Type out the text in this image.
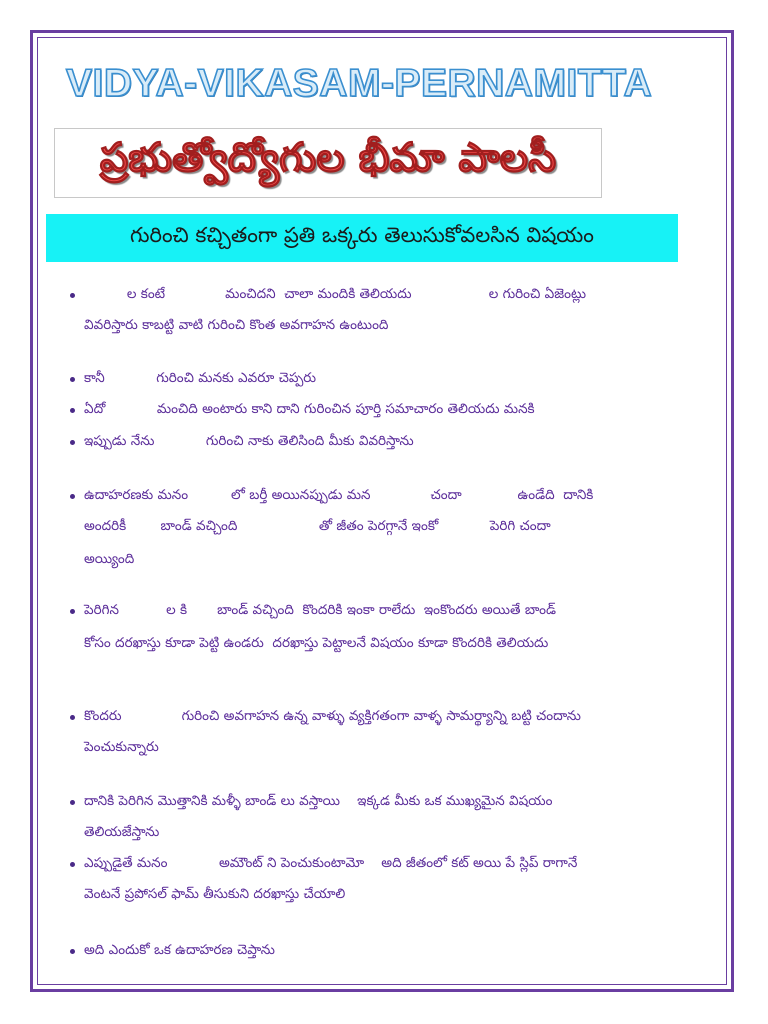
VIDYA-VIKASAM-PERNAMITTA
ప్రభుత్వోద్యోగుల భీమా పాలసీ
గురించి కచ్చితంగా ప్రతి ఒక్కరు తెలుసుకోవలసిన విషయం
ల కంటే              మంచిదని  చాలా మందికి తెలియదు                  ల గురించి ఏజెంట్లు
వివరిస్తారు కాబట్టి వాటి గురించి కొంత అవగాహన ఉంటుంది
కానీ            గురించి మనకు ఎవరూ చెప్పరు
ఏదో            మంచిది అంటారు కాని దాని గురించిన పూర్తి సమాచారం తెలియదు మనకి
ఇప్పుడు నేను            గురించి నాకు తెలిసింది మీకు వివరిస్తాను
ఉదాహరణకు మనం          లో బర్తీ అయినప్పుడు మన              చందా             ఉండేది  దానికి
అందరికీ        బాండ్ వచ్చింది                   తో జీతం పెరగ్గానే ఇంకో            పెరిగి చందా
అయ్యింది
పెరిగిన           ల కి       బాండ్ వచ్చింది  కొందరికి ఇంకా రాలేదు  ఇంకొందరు అయితే బాండ్
కోసం దరఖాస్తు కూడా పెట్టి ఉండరు  దరఖాస్తు పెట్టాలనే విషయం కూడా కొందరికి తెలియదు
కొందరు              గురించి అవగాహన ఉన్న వాళ్ళు వ్యక్తిగతంగా వాళ్ళ సామర్థ్యాన్ని బట్టి చందాను
పెంచుకున్నారు
దానికి పెరిగిన మొత్తానికి మళ్ళీ బాండ్ లు వస్తాయి    ఇక్కడ మీకు ఒక ముఖ్యమైన విషయం
తెలియజేస్తాను
ఎప్పుడైతే మనం            అమౌంట్ ని పెంచుకుంటామో    అది జీతంలో కట్ అయి పే స్లిప్ రాగానే
వెంటనే ప్రపోసల్ ఫామ్ తీసుకుని దరఖాస్తు చేయాలి
అది ఎందుకో ఒక ఉదాహరణ చెప్తాను
